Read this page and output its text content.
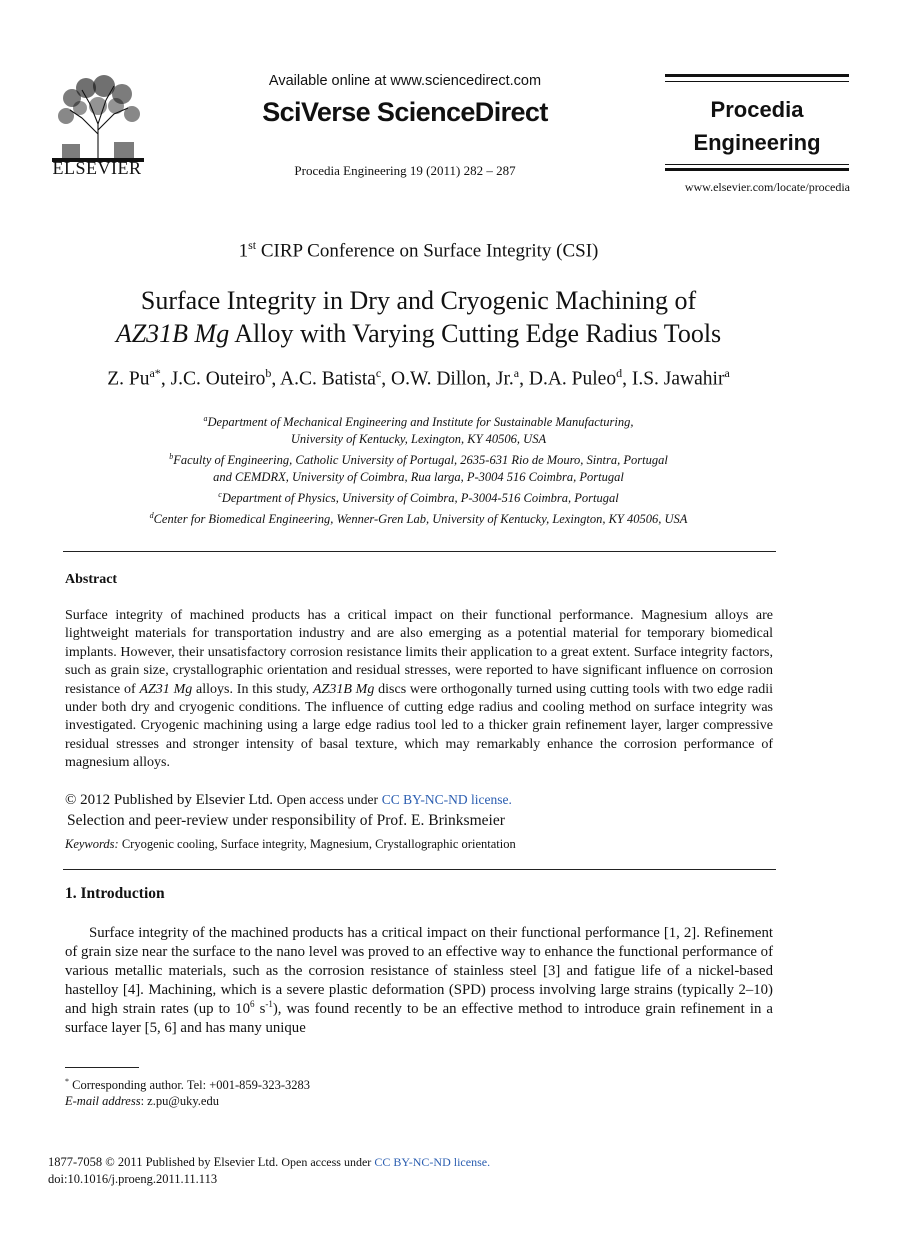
ELSEVIER
Available online at www.sciencedirect.com
SciVerse ScienceDirect
Procedia Engineering 19 (2011) 282 – 287
Procedia
Engineering
www.elsevier.com/locate/procedia
1st CIRP Conference on Surface Integrity (CSI)
Surface Integrity in Dry and Cryogenic Machining of
AZ31B Mg Alloy with Varying Cutting Edge Radius Tools
Z. $Pu^{a*}$, J.C. Outeiro$^b$, A.C. Batista$^c$, O.W. Dillon, Jr.$^a$, D.A. Puleo$^d$, I.S. Jawahir$^a$
$^a$Department of Mechanical Engineering and Institute for Sustainable Manufacturing,
University of Kentucky, Lexington, KY 40506, USA
$^b$Faculty of Engineering, Catholic University of Portugal, 2635-631 Rio de Mouro, Sintra, Portugal
and CEMDRX, University of Coimbra, Rua larga, P-3004 516 Coimbra, Portugal
$^c$Department of Physics, University of Coimbra, P-3004-516 Coimbra, Portugal
$^d$Center for Biomedical Engineering, Wenner-Gren Lab, University of Kentucky, Lexington, KY 40506, USA
Abstract
Surface integrity of machined products has a critical impact on their functional performance. Magnesium alloys are lightweight materials for transportation industry and are also emerging as a potential material for temporary biomedical implants. However, their unsatisfactory corrosion resistance limits their application to a great extent. Surface integrity factors, such as grain size, crystallographic orientation and residual stresses, were reported to have significant influence on corrosion resistance of AZ31 Mg alloys. In this study, AZ31B Mg discs were orthogonally turned using cutting tools with two edge radii under both dry and cryogenic conditions. The influence of cutting edge radius and cooling method on surface integrity was investigated. Cryogenic machining using a large edge radius tool led to a thicker grain refinement layer, larger compressive residual stresses and stronger intensity of basal texture, which may remarkably enhance the corrosion performance of magnesium alloys.
© 2012 Published by Elsevier Ltd. Open access under CC BY-NC-ND license.
Selection and peer-review under responsibility of Prof. E. Brinksmeier
Keywords: Cryogenic cooling, Surface integrity, Magnesium, Crystallographic orientation
1. Introduction
Surface integrity of the machined products has a critical impact on their functional performance [1, 2]. Refinement of grain size near the surface to the nano level was proved to an effective way to enhance the functional performance of various metallic materials, such as the corrosion resistance of stainless steel [3] and fatigue life of a nickel-based hastelloy [4]. Machining, which is a severe plastic deformation (SPD) process involving large strains (typically 2–10) and high strain rates (up to $10^6$ $s^{-1}$), was found recently to be an effective method to introduce grain refinement in a surface layer [5, 6] and has many unique
* Corresponding author. Tel: +001-859-323-3283
E-mail address: z.pu@uky.edu
1877-7058 © 2011 Published by Elsevier Ltd. Open access under CC BY-NC-ND license.
doi:10.1016/j.proeng.2011.11.113
